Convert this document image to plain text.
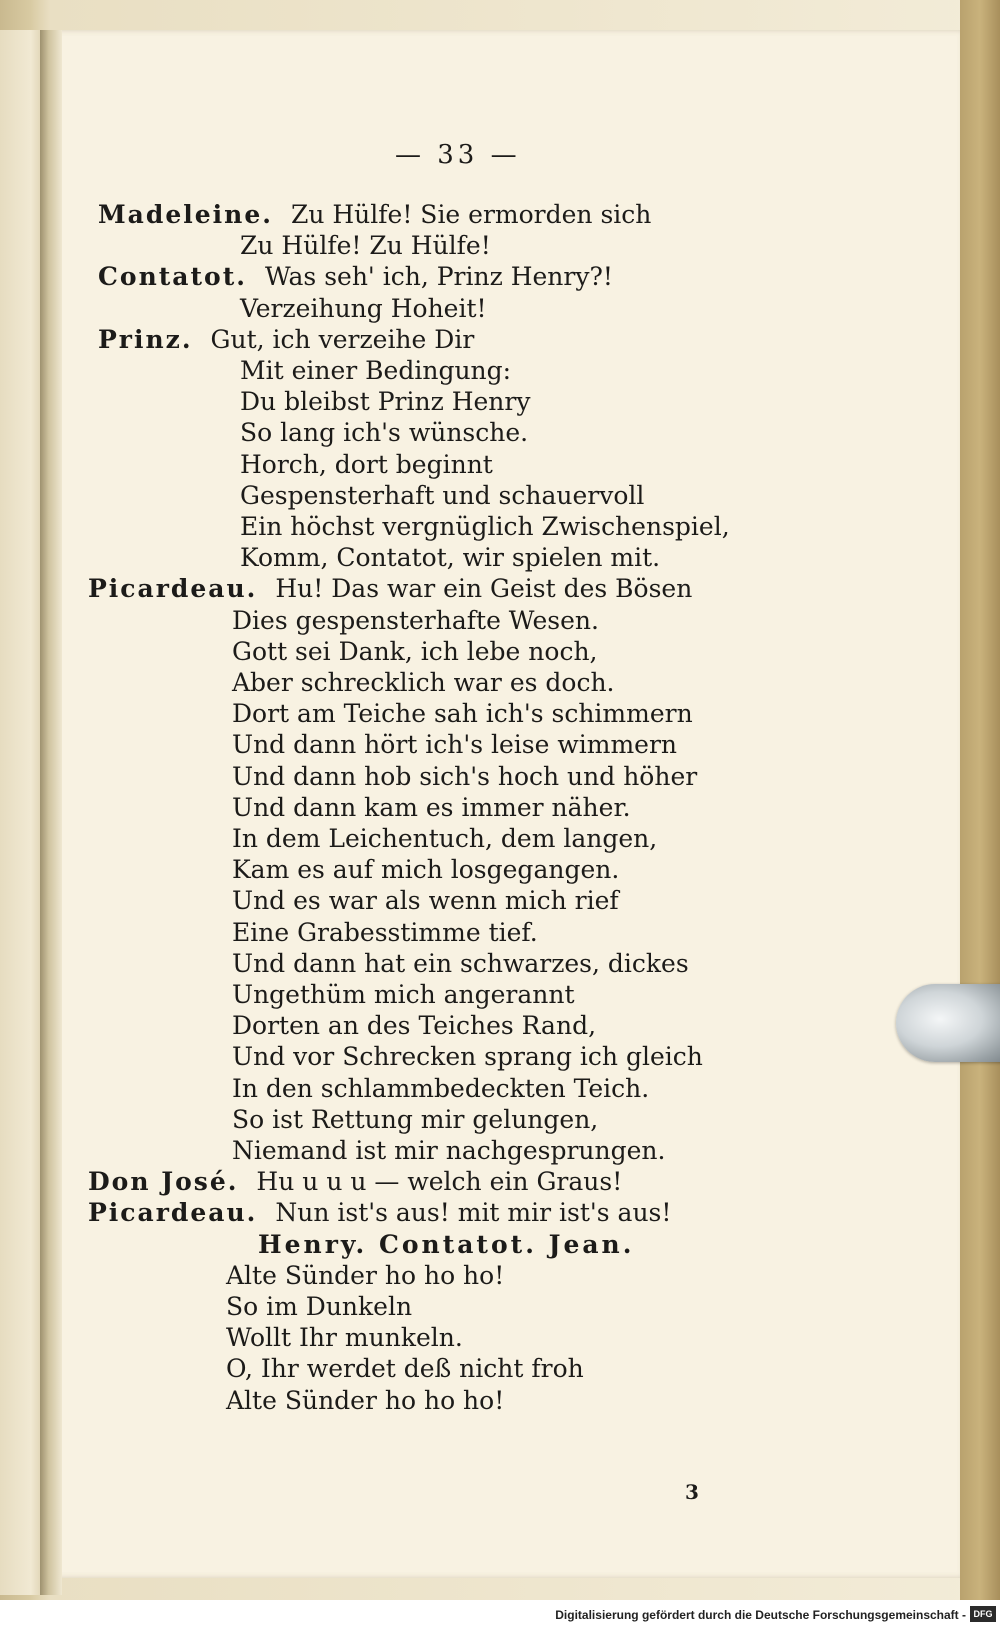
— 33 —
Madeleine. Zu Hülfe! Sie ermorden sich
Zu Hülfe! Zu Hülfe!
Contatot. Was seh' ich, Prinz Henry?!
Verzeihung Hoheit!
Prinz. Gut, ich verzeihe Dir
Mit einer Bedingung:
Du bleibst Prinz Henry
So lang ich's wünsche.
Horch, dort beginnt
Gespensterhaft und schauervoll
Ein höchst vergnüglich Zwischenspiel,
Komm, Contatot, wir spielen mit.
Picardeau. Hu! Das war ein Geist des Bösen
Dies gespensterhafte Wesen.
Gott sei Dank, ich lebe noch,
Aber schrecklich war es doch.
Dort am Teiche sah ich's schimmern
Und dann hört ich's leise wimmern
Und dann hob sich's hoch und höher
Und dann kam es immer näher.
In dem Leichentuch, dem langen,
Kam es auf mich losgegangen.
Und es war als wenn mich rief
Eine Grabesstimme tief.
Und dann hat ein schwarzes, dickes
Ungethüm mich angerannt
Dorten an des Teiches Rand,
Und vor Schrecken sprang ich gleich
In den schlammbedeckten Teich.
So ist Rettung mir gelungen,
Niemand ist mir nachgesprungen.
Don José. Hu u u u — welch ein Graus!
Picardeau. Nun ist's aus! mit mir ist's aus!
Henry. Contatot. Jean.
Alte Sünder ho ho ho!
So im Dunkeln
Wollt Ihr munkeln.
O, Ihr werdet deß nicht froh
Alte Sünder ho ho ho!
3
Digitalisierung gefördert durch die Deutsche Forschungsgemeinschaft - DFG
